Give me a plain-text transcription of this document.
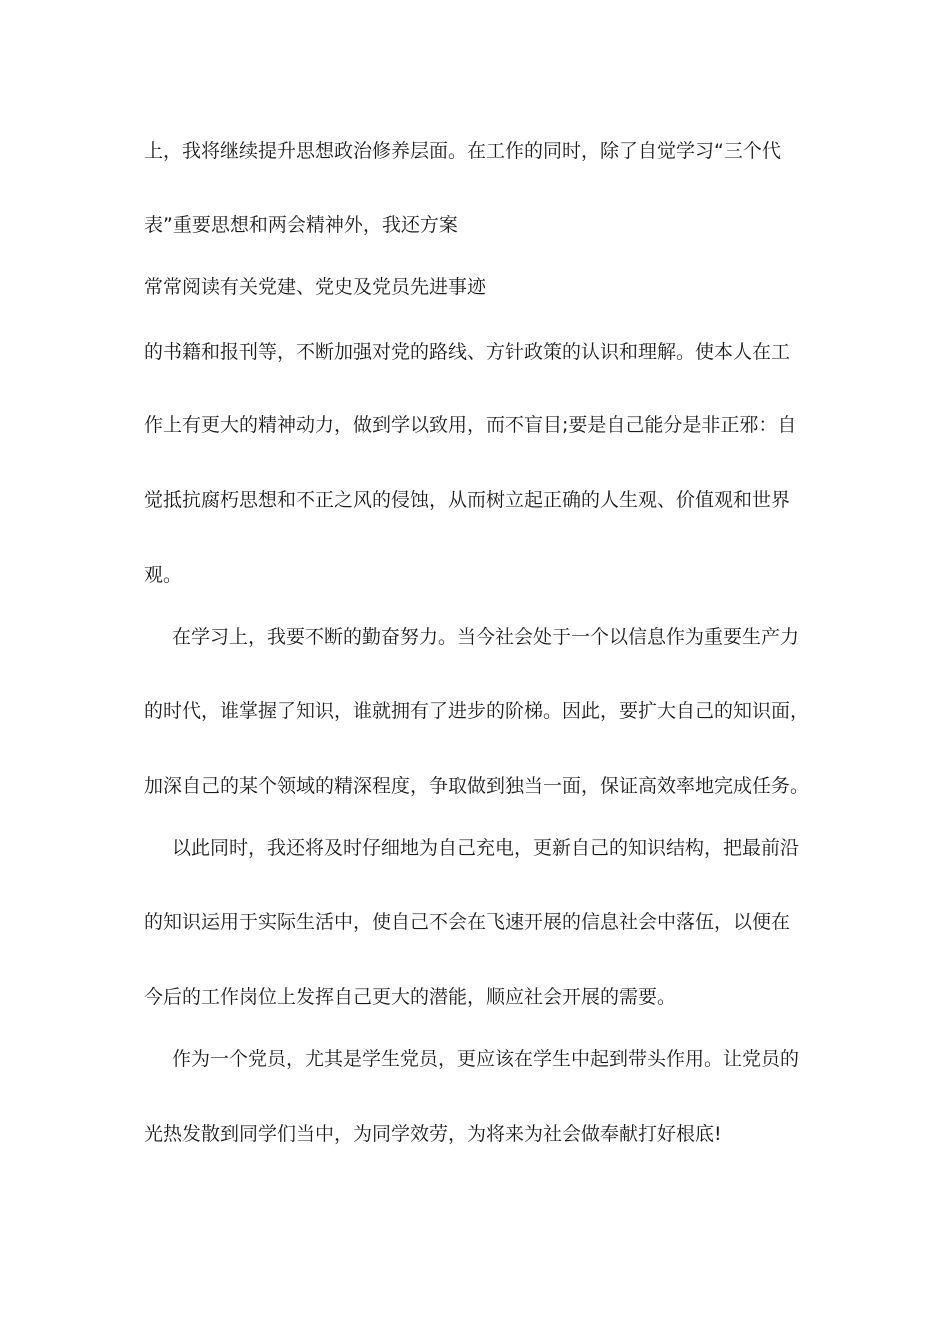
上，我将继续提升思想政治修养层面。在工作的同时，除了自觉学习“三个代
表”重要思想和两会精神外，我还方案
常常阅读有关党建、党史及党员先进事迹
的书籍和报刊等，不断加强对党的路线、方针政策的认识和理解。使本人在工
作上有更大的精神动力，做到学以致用，而不盲目;要是自己能分是非正邪：自
觉抵抗腐朽思想和不正之风的侵蚀，从而树立起正确的人生观、价值观和世界
观。
在学习上，我要不断的勤奋努力。当今社会处于一个以信息作为重要生产力
的时代，谁掌握了知识，谁就拥有了进步的阶梯。因此，要扩大自己的知识面，
加深自己的某个领域的精深程度，争取做到独当一面，保证高效率地完成任务。
以此同时，我还将及时仔细地为自己充电，更新自己的知识结构，把最前沿
的知识运用于实际生活中，使自己不会在飞速开展的信息社会中落伍，以便在
今后的工作岗位上发挥自己更大的潜能，顺应社会开展的需要。
作为一个党员，尤其是学生党员，更应该在学生中起到带头作用。让党员的
光热发散到同学们当中，为同学效劳，为将来为社会做奉献打好根底!
